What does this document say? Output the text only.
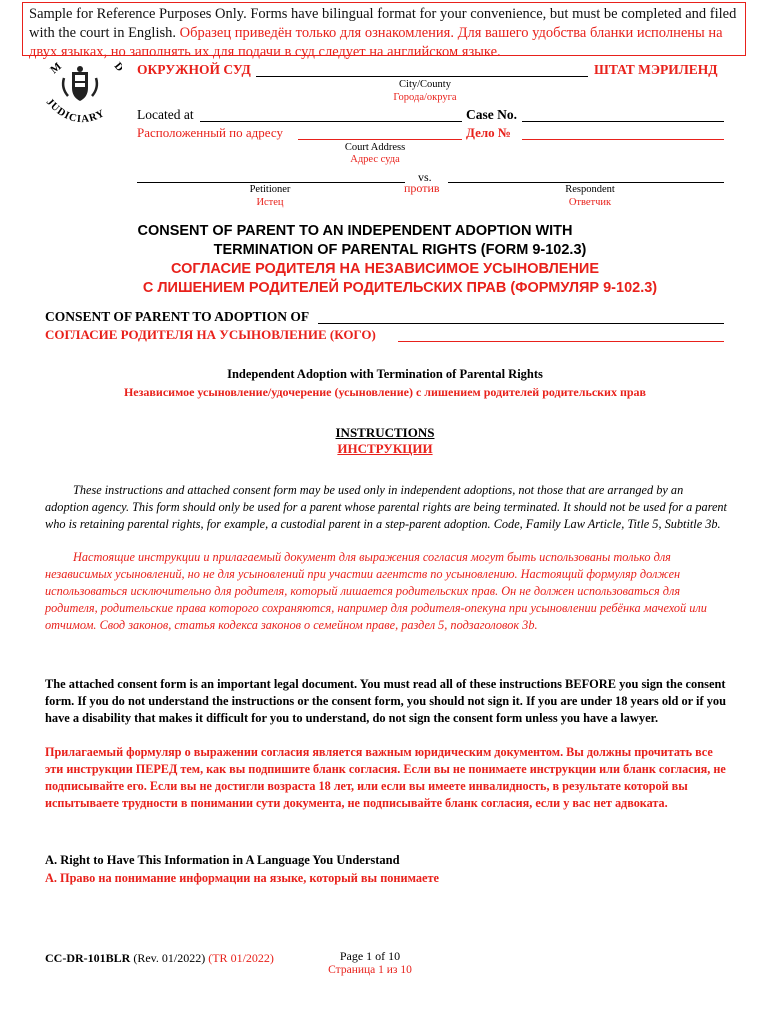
Sample for Reference Purposes Only. Forms have bilingual format for your convenience, but must be completed and filed with the court in English. Образец приведён только для ознакомления. Для вашего удобства бланки исполнены на двух языках, но заполнять их для подачи в суд следует на английском языке.
M	D
JUDICIARY
ОКРУЖНОЙ СУД	ШТАТ МЭРИЛЕНД
City/County
Города/округа
Located at	Case No.
Расположенный по адресу	Дело №
Court Address
Адрес суда
vs.
Petitioner	против	Respondent
Истец	Ответчик
CONSENT OF PARENT TO AN INDEPENDENT ADOPTION WITH
TERMINATION OF PARENTAL RIGHTS (FORM 9-102.3)
СОГЛАСИЕ РОДИТЕЛЯ НА НЕЗАВИСИМОЕ УСЫНОВЛЕНИЕ
С ЛИШЕНИЕМ РОДИТЕЛЕЙ РОДИТЕЛЬСКИХ ПРАВ (ФОРМУЛЯР 9-102.3)
CONSENT OF PARENT TO ADOPTION OF
СОГЛАСИЕ РОДИТЕЛЯ НА УСЫНОВЛЕНИЕ (КОГО)
Independent Adoption with Termination of Parental Rights
Независимое усыновление/удочерение (усыновление) с лишением родителей родительских прав
INSTRUCTIONS
ИНСТРУКЦИИ
These instructions and attached consent form may be used only in independent adoptions, not those that are arranged by an adoption agency. This form should only be used for a parent whose parental rights are being terminated. It should not be used for a parent who is retaining parental rights, for example, a custodial parent in a step-parent adoption. Code, Family Law Article, Title 5, Subtitle 3b.
Настоящие инструкции и прилагаемый документ для выражения согласия могут быть использованы только для независимых усыновлений, но не для усыновлений при участии агентств по усыновлению. Настоящий формуляр должен использоваться исключительно для родителя, который лишается родительских прав. Он не должен использоваться для родителя, родительские права которого сохраняются, например для родителя-опекуна при усыновлении ребёнка мачехой или отчимом. Свод законов, статья кодекса законов о семейном праве, раздел 5, подзаголовок 3b.
The attached consent form is an important legal document. You must read all of these instructions BEFORE you sign the consent form. If you do not understand the instructions or the consent form, you should not sign it. If you are under 18 years old or if you have a disability that makes it difficult for you to understand, do not sign the consent form unless you have a lawyer.
Прилагаемый формуляр о выражении согласия является важным юридическим документом. Вы должны прочитать все эти инструкции ПЕРЕД тем, как вы подпишите бланк согласия. Если вы не понимаете инструкции или бланк согласия, не подписывайте его. Если вы не достигли возраста 18 лет, или если вы имеете инвалидность, в результате которой вы испытываете трудности в понимании сути документа, не подписывайте бланк согласия, если у вас нет адвоката.
A. Right to Have This Information in A Language You Understand
А. Право на понимание информации на языке, который вы понимаете
CC-DR-101BLR (Rev. 01/2022) (TR 01/2022)	Page 1 of 10
Страница 1 из 10
